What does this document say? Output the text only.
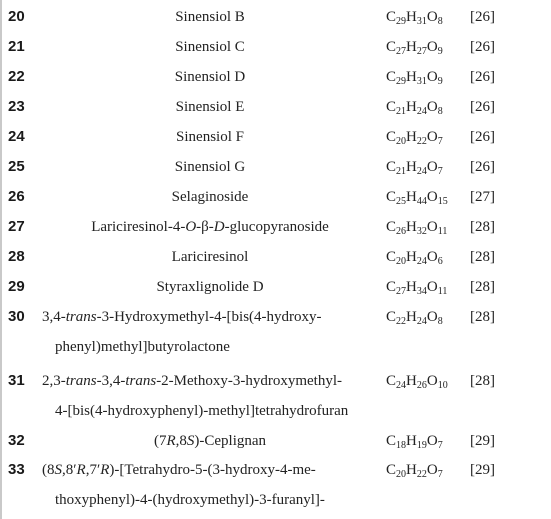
20	Sinensiol B	$C_{29}H_{31}O_8$	[26]
21	Sinensiol C	$C_{27}H_{27}O_9$	[26]
22	Sinensiol D	$C_{29}H_{31}O_9$	[26]
23	Sinensiol E	$C_{21}H_{24}O_8$	[26]
24	Sinensiol F	$C_{20}H_{22}O_7$	[26]
25	Sinensiol G	$C_{21}H_{24}O_7$	[26]
26	Selaginoside	$C_{25}H_{44}O_{15}$	[27]
27	Lariciresinol-4-O-β-D-glucopyranoside	$C_{26}H_{32}O_{11}$	[28]
28	Lariciresinol	$C_{20}H_{24}O_6$	[28]
29	Styraxlignolide D	$C_{27}H_{34}O_{11}$	[28]
30	3,4-trans-3-Hydroxymethyl-4-[bis(4-hydroxy-	$C_{22}H_{24}O_8$	[28]
phenyl)methyl]butyrolactone
31	2,3-trans-3,4-trans-2-Methoxy-3-hydroxymethyl-	$C_{24}H_{26}O_{10}$	[28]
4-[bis(4-hydroxyphenyl)-methyl]tetrahydrofuran
32	(7R,8S)-Ceplignan	$C_{18}H_{19}O_7$	[29]
33	(8S,8′R,7′R)-[Tetrahydro-5-(3-hydroxy-4-me-	$C_{20}H_{22}O_7$	[29]
thoxyphenyl)-4-(hydroxymethyl)-3-furanyl]-
